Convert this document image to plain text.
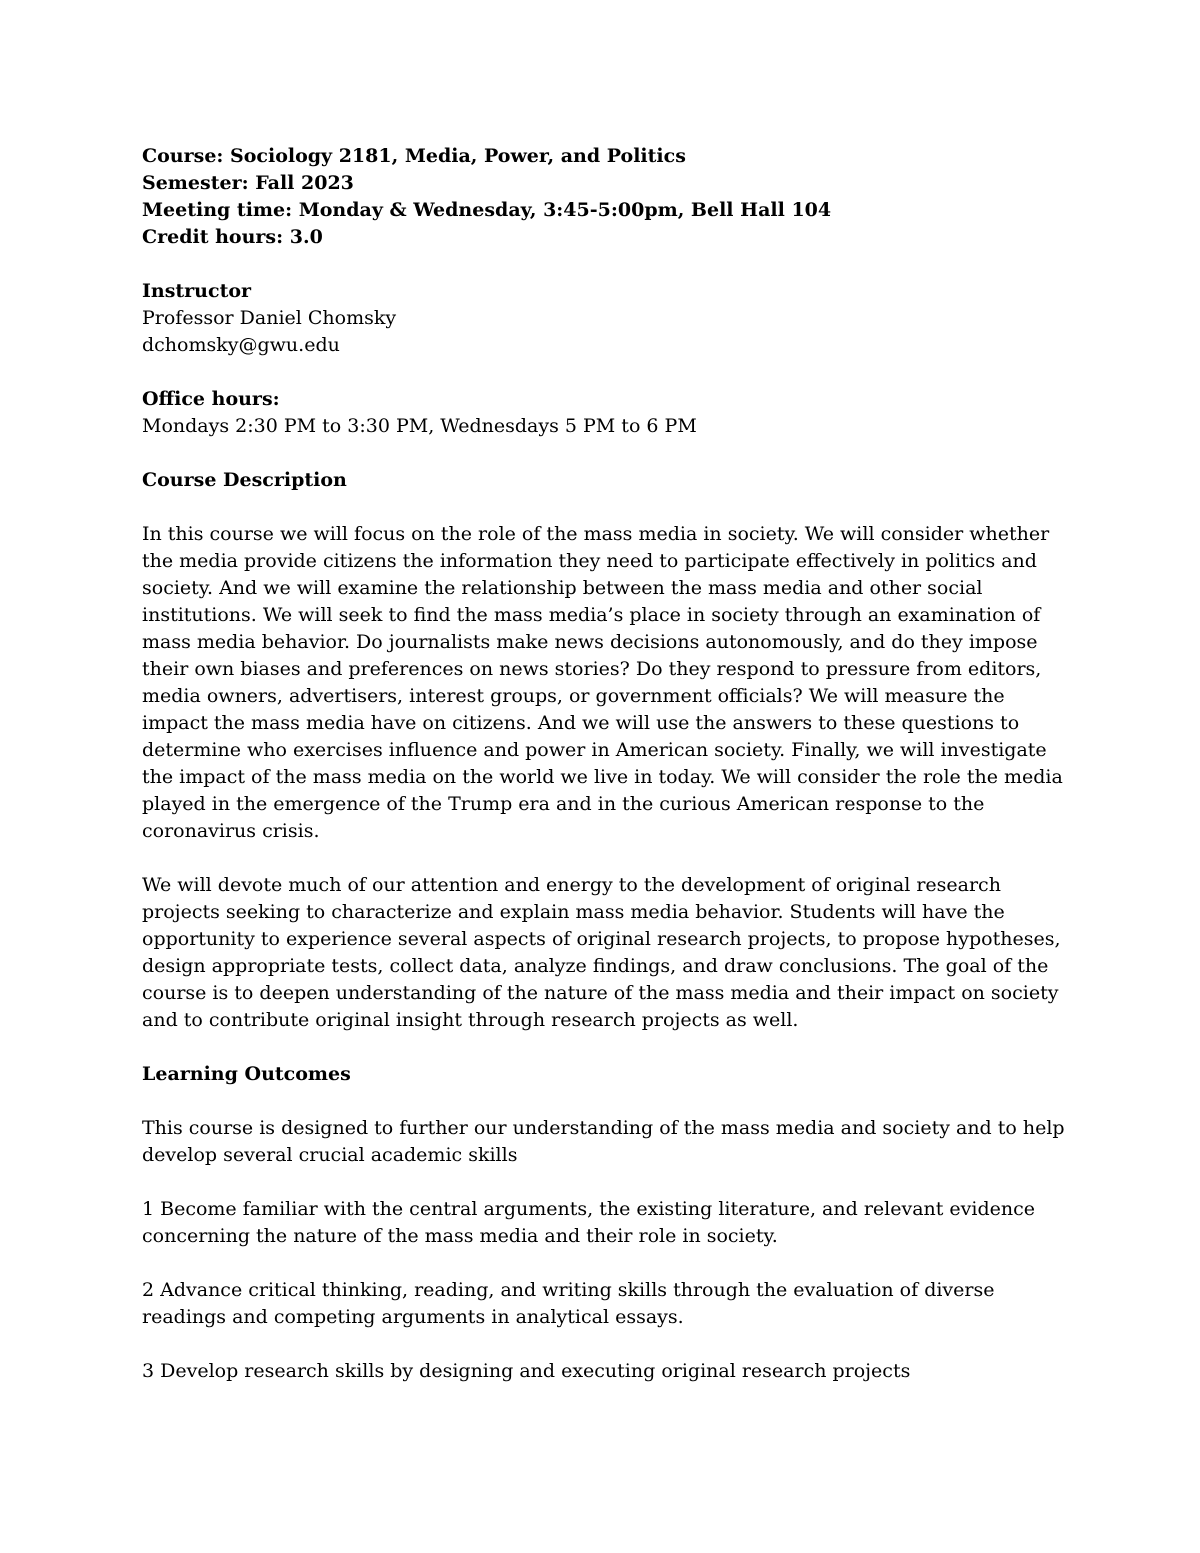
Course: Sociology 2181, Media, Power, and Politics
Semester: Fall 2023
Meeting time: Monday & Wednesday, 3:45-5:00pm, Bell Hall 104
Credit hours: 3.0
Instructor
Professor Daniel Chomsky
dchomsky@gwu.edu
Office hours:
Mondays 2:30 PM to 3:30 PM, Wednesdays 5 PM to 6 PM
Course Description

In this course we will focus on the role of the mass media in society. We will consider whether the media provide citizens the information they need to participate effectively in politics and society. And we will examine the relationship between the mass media and other social institutions. We will seek to find the mass media’s place in society through an examination of mass media behavior. Do journalists make news decisions autonomously, and do they impose their own biases and preferences on news stories? Do they respond to pressure from editors, media owners, advertisers, interest groups, or government officials? We will measure the impact the mass media have on citizens. And we will use the answers to these questions to determine who exercises influence and power in American society. Finally, we will investigate the impact of the mass media on the world we live in today. We will consider the role the media played in the emergence of the Trump era and in the curious American response to the coronavirus crisis.

We will devote much of our attention and energy to the development of original research projects seeking to characterize and explain mass media behavior. Students will have the opportunity to experience several aspects of original research projects, to propose hypotheses, design appropriate tests, collect data, analyze findings, and draw conclusions. The goal of the course is to deepen understanding of the nature of the mass media and their impact on society and to contribute original insight through research projects as well.

Learning Outcomes

This course is designed to further our understanding of the mass media and society and to help develop several crucial academic skills

1 Become familiar with the central arguments, the existing literature, and relevant evidence concerning the nature of the mass media and their role in society.

2 Advance critical thinking, reading, and writing skills through the evaluation of diverse readings and competing arguments in analytical essays.

3 Develop research skills by designing and executing original research projects
